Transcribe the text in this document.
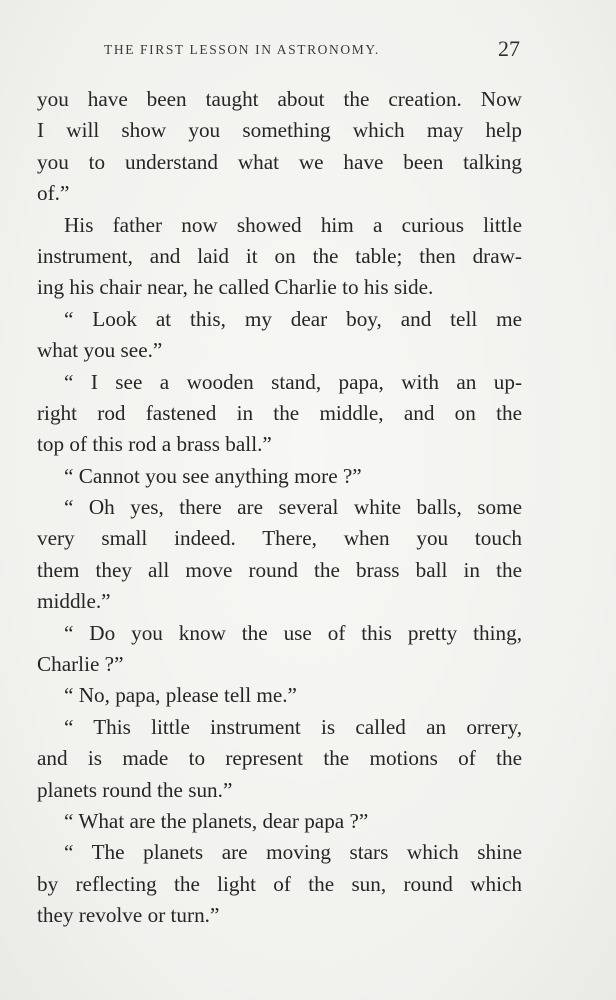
THE FIRST LESSON IN ASTRONOMY.	27
you have been taught about the creation. Now
I will show you something which may help
you to understand what we have been talking
of.”
His father now showed him a curious little
instrument, and laid it on the table; then draw-
ing his chair near, he called Charlie to his side.
“ Look at this, my dear boy, and tell me
what you see.”
“ I see a wooden stand, papa, with an up-
right rod fastened in the middle, and on the
top of this rod a brass ball.”
“ Cannot you see anything more ?”
“ Oh yes, there are several white balls, some
very small indeed. There, when you touch
them they all move round the brass ball in the
middle.”
“ Do you know the use of this pretty thing,
Charlie ?”
“ No, papa, please tell me.”
“ This little instrument is called an orrery,
and is made to represent the motions of the
planets round the sun.”
“ What are the planets, dear papa ?”
“ The planets are moving stars which shine
by reflecting the light of the sun, round which
they revolve or turn.”
